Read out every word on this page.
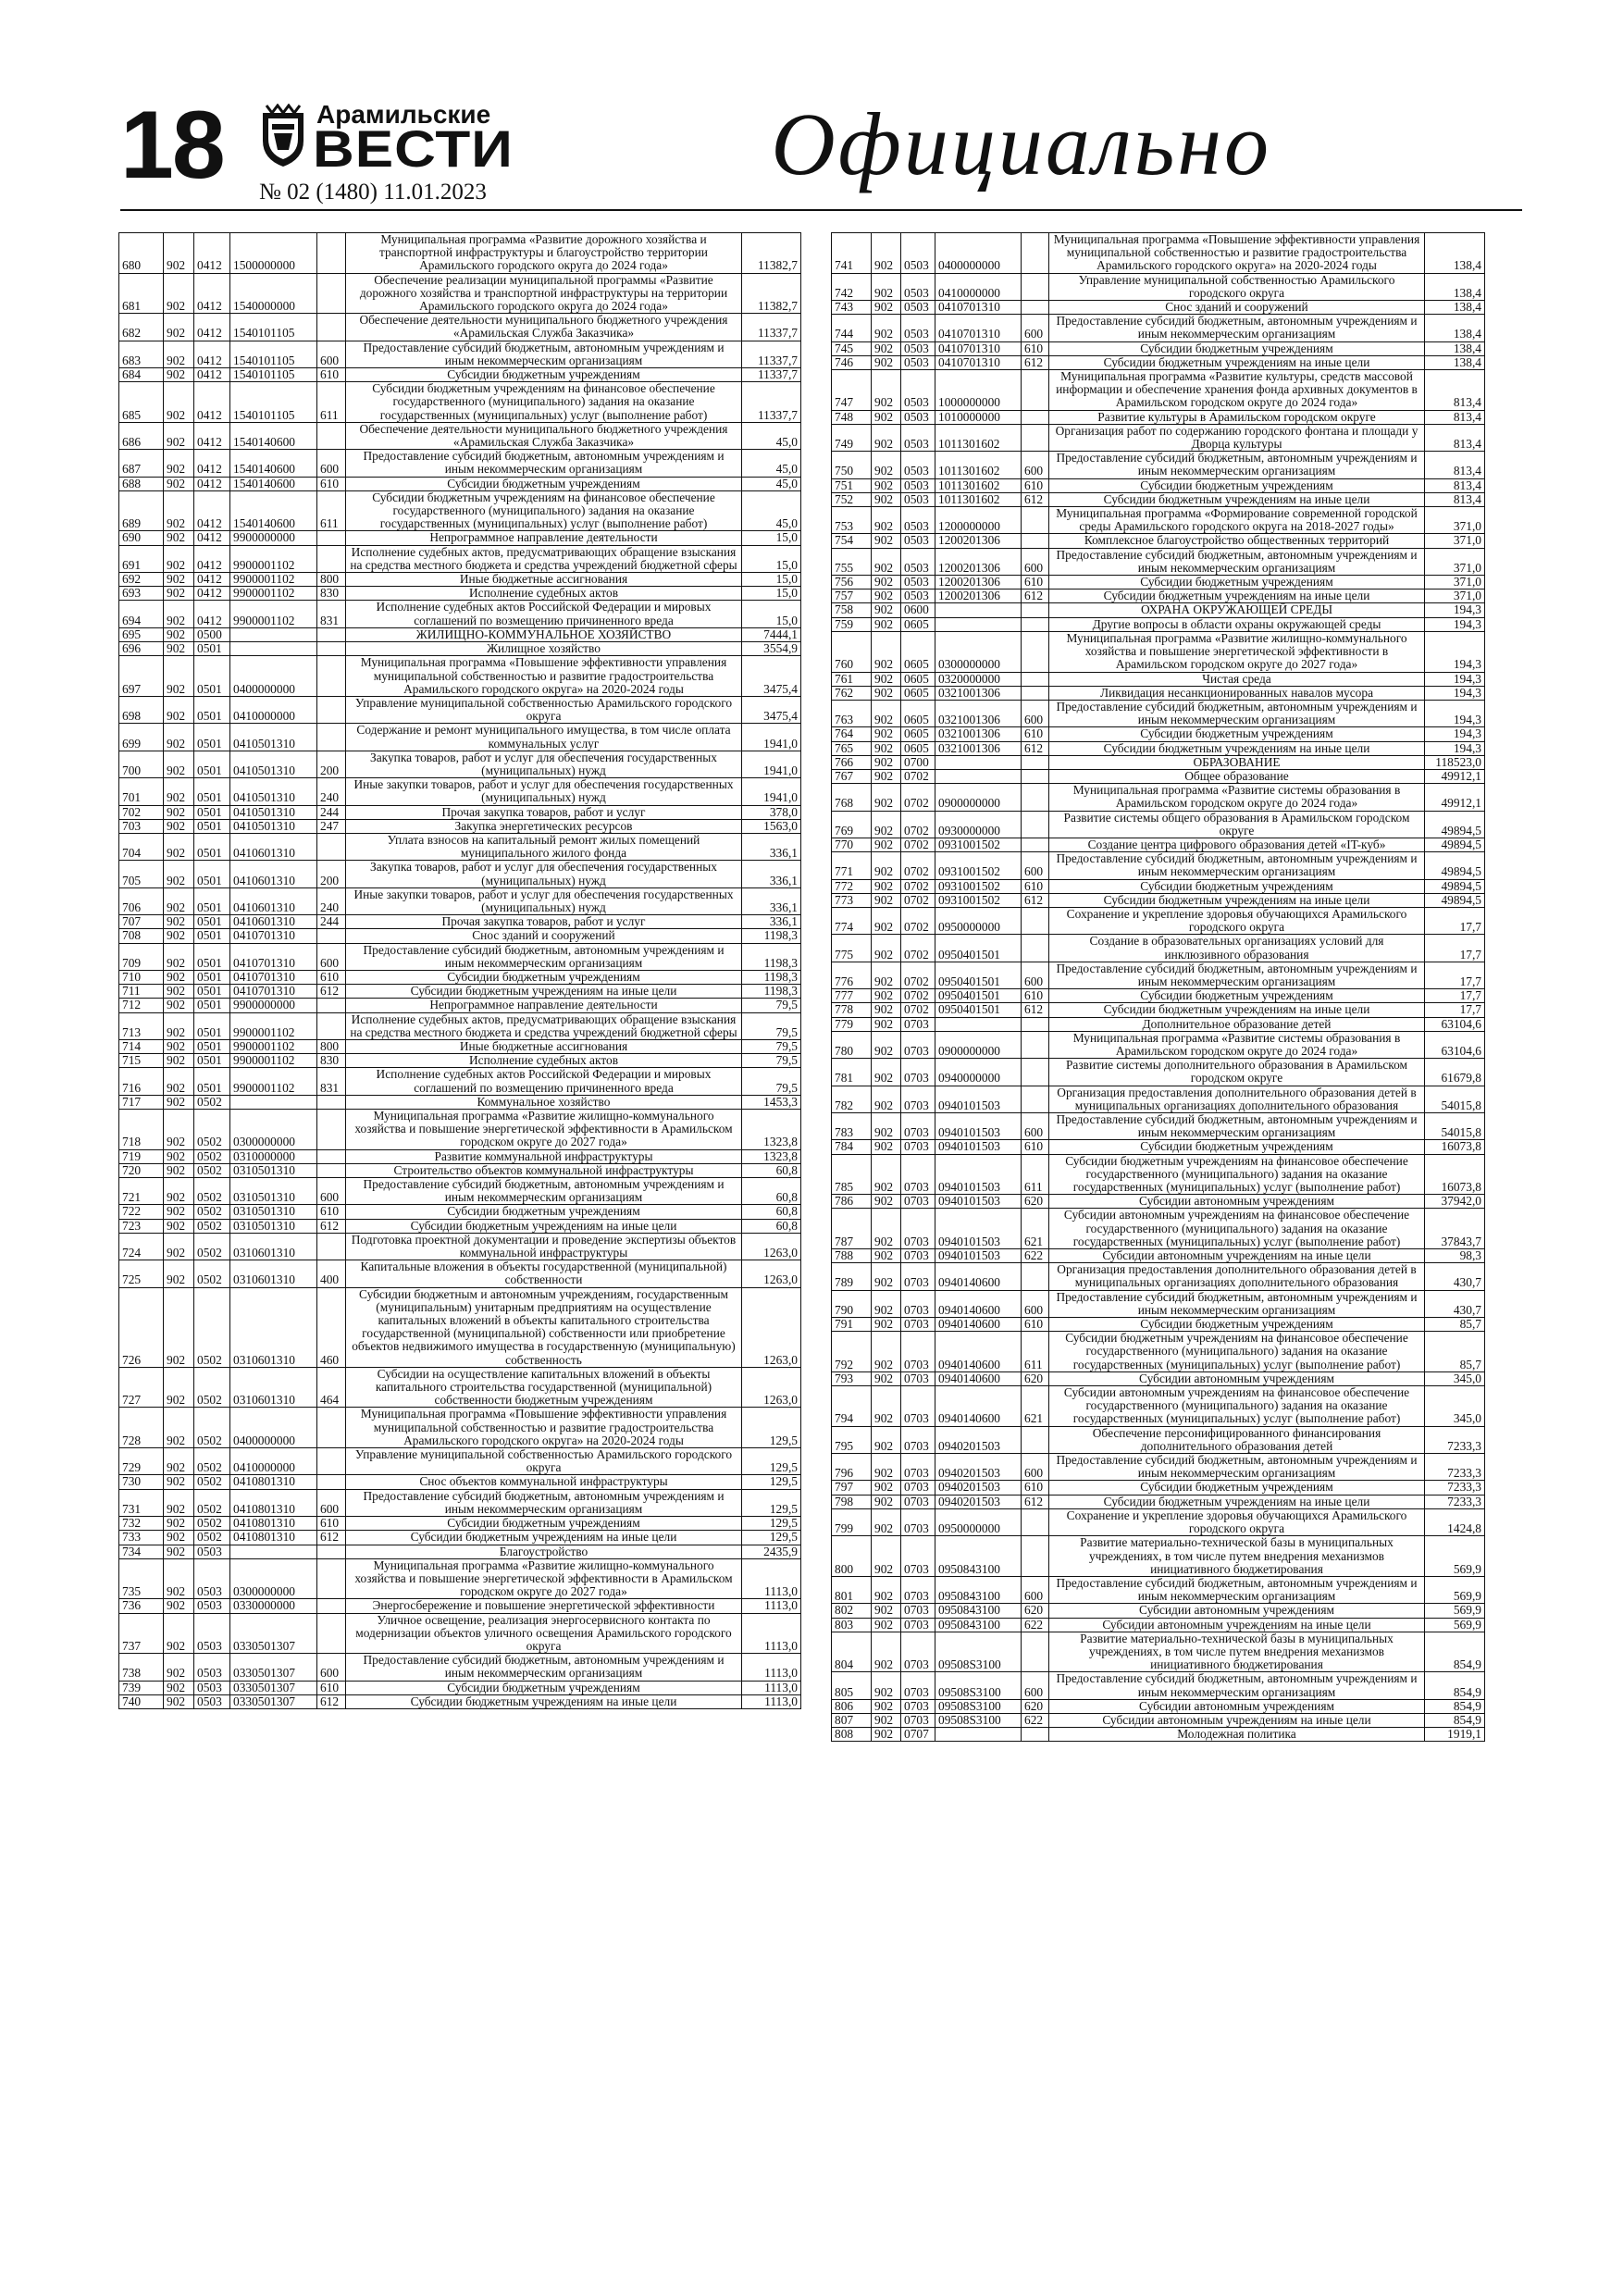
18	Арамильские
ВЕСТИ
№ 02 (1480) 11.01.2023	Официально
680	902	0412	1500000000		Муниципальная программа «Развитие дорожного хозяйства и транспортной инфраструктуры и благоустройство территории Арамильского городского округа до 2024 года»	11382,7
681	902	0412	1540000000		Обеспечение реализации муниципальной программы «Развитие дорожного хозяйства и транспортной инфраструктуры на территории Арамильского городского округа до 2024 года»	11382,7
682	902	0412	1540101105		Обеспечение деятельности муниципального бюджетного учреждения «Арамильская Служба Заказчика»	11337,7
683	902	0412	1540101105	600	Предоставление субсидий бюджетным, автономным учреждениям и иным некоммерческим организациям	11337,7
684	902	0412	1540101105	610	Субсидии бюджетным учреждениям	11337,7
685	902	0412	1540101105	611	Субсидии бюджетным учреждениям на финансовое обеспечение государственного (муниципального) задания на оказание государственных (муниципальных) услуг (выполнение работ)	11337,7
686	902	0412	1540140600		Обеспечение деятельности муниципального бюджетного учреждения «Арамильская Служба Заказчика»	45,0
687	902	0412	1540140600	600	Предоставление субсидий бюджетным, автономным учреждениям и иным некоммерческим организациям	45,0
688	902	0412	1540140600	610	Субсидии бюджетным учреждениям	45,0
689	902	0412	1540140600	611	Субсидии бюджетным учреждениям на финансовое обеспечение государственного (муниципального) задания на оказание государственных (муниципальных) услуг (выполнение работ)	45,0
690	902	0412	9900000000		Непрограммное направление деятельности	15,0
691	902	0412	9900001102		Исполнение судебных актов, предусматривающих обращение взыскания на средства местного бюджета и средства учреждений бюджетной сферы	15,0
692	902	0412	9900001102	800	Иные бюджетные ассигнования	15,0
693	902	0412	9900001102	830	Исполнение судебных актов	15,0
694	902	0412	9900001102	831	Исполнение судебных актов Российской Федерации и мировых соглашений по возмещению причиненного вреда	15,0
695	902	0500			ЖИЛИЩНО-КОММУНАЛЬНОЕ ХОЗЯЙСТВО	7444,1
696	902	0501			Жилищное хозяйство	3554,9
697	902	0501	0400000000		Муниципальная программа «Повышение эффективности управления муниципальной собственностью и развитие градостроительства Арамильского городского округа» на 2020-2024 годы	3475,4
698	902	0501	0410000000		Управление муниципальной собственностью Арамильского городского округа	3475,4
699	902	0501	0410501310		Содержание и ремонт муниципального имущества, в том числе оплата коммунальных услуг	1941,0
700	902	0501	0410501310	200	Закупка товаров, работ и услуг для обеспечения государственных (муниципальных) нужд	1941,0
701	902	0501	0410501310	240	Иные закупки товаров, работ и услуг для обеспечения государственных (муниципальных) нужд	1941,0
702	902	0501	0410501310	244	Прочая закупка товаров, работ и услуг	378,0
703	902	0501	0410501310	247	Закупка энергетических ресурсов	1563,0
704	902	0501	0410601310		Уплата взносов на капитальный ремонт жилых помещений муниципального жилого фонда	336,1
705	902	0501	0410601310	200	Закупка товаров, работ и услуг для обеспечения государственных (муниципальных) нужд	336,1
706	902	0501	0410601310	240	Иные закупки товаров, работ и услуг для обеспечения государственных (муниципальных) нужд	336,1
707	902	0501	0410601310	244	Прочая закупка товаров, работ и услуг	336,1
708	902	0501	0410701310		Снос зданий и сооружений	1198,3
709	902	0501	0410701310	600	Предоставление субсидий бюджетным, автономным учреждениям и иным некоммерческим организациям	1198,3
710	902	0501	0410701310	610	Субсидии бюджетным учреждениям	1198,3
711	902	0501	0410701310	612	Субсидии бюджетным учреждениям на иные цели	1198,3
712	902	0501	9900000000		Непрограммное направление деятельности	79,5
713	902	0501	9900001102		Исполнение судебных актов, предусматривающих обращение взыскания на средства местного бюджета и средства учреждений бюджетной сферы	79,5
714	902	0501	9900001102	800	Иные бюджетные ассигнования	79,5
715	902	0501	9900001102	830	Исполнение судебных актов	79,5
716	902	0501	9900001102	831	Исполнение судебных актов Российской Федерации и мировых соглашений по возмещению причиненного вреда	79,5
717	902	0502			Коммунальное хозяйство	1453,3
718	902	0502	0300000000		Муниципальная программа «Развитие жилищно-коммунального хозяйства и повышение энергетической эффективности в Арамильском городском округе до 2027 года»	1323,8
719	902	0502	0310000000		Развитие коммунальной инфраструктуры	1323,8
720	902	0502	0310501310		Строительство объектов коммунальной инфраструктуры	60,8
721	902	0502	0310501310	600	Предоставление субсидий бюджетным, автономным учреждениям и иным некоммерческим организациям	60,8
722	902	0502	0310501310	610	Субсидии бюджетным учреждениям	60,8
723	902	0502	0310501310	612	Субсидии бюджетным учреждениям на иные цели	60,8
724	902	0502	0310601310		Подготовка проектной документации и проведение экспертизы объектов коммунальной инфраструктуры	1263,0
725	902	0502	0310601310	400	Капитальные вложения в объекты государственной (муниципальной) собственности	1263,0
726	902	0502	0310601310	460	Субсидии бюджетным и автономным учреждениям, государственным (муниципальным) унитарным предприятиям на осуществление капитальных вложений в объекты капитального строительства государственной (муниципальной) собственности или приобретение объектов недвижимого имущества в государственную (муниципальную) собственность	1263,0
727	902	0502	0310601310	464	Субсидии на осуществление капитальных вложений в объекты капитального строительства государственной (муниципальной) собственности бюджетным учреждениям	1263,0
728	902	0502	0400000000		Муниципальная программа «Повышение эффективности управления муниципальной собственностью и развитие градостроительства Арамильского городского округа» на 2020-2024 годы	129,5
729	902	0502	0410000000		Управление муниципальной собственностью Арамильского городского округа	129,5
730	902	0502	0410801310		Снос объектов коммунальной инфраструктуры	129,5
731	902	0502	0410801310	600	Предоставление субсидий бюджетным, автономным учреждениям и иным некоммерческим организациям	129,5
732	902	0502	0410801310	610	Субсидии бюджетным учреждениям	129,5
733	902	0502	0410801310	612	Субсидии бюджетным учреждениям на иные цели	129,5
734	902	0503			Благоустройство	2435,9
735	902	0503	0300000000		Муниципальная программа «Развитие жилищно-коммунального хозяйства и повышение энергетической эффективности в Арамильском городском округе до 2027 года»	1113,0
736	902	0503	0330000000		Энергосбережение и повышение энергетической эффективности	1113,0
737	902	0503	0330501307		Уличное освещение, реализация энергосервисного контакта по модернизации объектов уличного освещения Арамильского городского округа	1113,0
738	902	0503	0330501307	600	Предоставление субсидий бюджетным, автономным учреждениям и иным некоммерческим организациям	1113,0
739	902	0503	0330501307	610	Субсидии бюджетным учреждениям	1113,0
740	902	0503	0330501307	612	Субсидии бюджетным учреждениям на иные цели	1113,0
741	902	0503	0400000000		Муниципальная программа «Повышение эффективности управления муниципальной собственностью и развитие градостроительства Арамильского городского округа» на 2020-2024 годы	138,4
742	902	0503	0410000000		Управление муниципальной собственностью Арамильского городского округа	138,4
743	902	0503	0410701310		Снос зданий и сооружений	138,4
744	902	0503	0410701310	600	Предоставление субсидий бюджетным, автономным учреждениям и иным некоммерческим организациям	138,4
745	902	0503	0410701310	610	Субсидии бюджетным учреждениям	138,4
746	902	0503	0410701310	612	Субсидии бюджетным учреждениям на иные цели	138,4
747	902	0503	1000000000		Муниципальная программа «Развитие культуры, средств массовой информации и обеспечение хранения фонда архивных документов в Арамильском городском округе до 2024 года»	813,4
748	902	0503	1010000000		Развитие культуры в Арамильском городском округе	813,4
749	902	0503	1011301602		Организация работ по содержанию городского фонтана и площади у Дворца культуры	813,4
750	902	0503	1011301602	600	Предоставление субсидий бюджетным, автономным учреждениям и иным некоммерческим организациям	813,4
751	902	0503	1011301602	610	Субсидии бюджетным учреждениям	813,4
752	902	0503	1011301602	612	Субсидии бюджетным учреждениям на иные цели	813,4
753	902	0503	1200000000		Муниципальная программа «Формирование современной городской среды Арамильского городского округа на 2018-2027 годы»	371,0
754	902	0503	1200201306		Комплексное благоустройство общественных территорий	371,0
755	902	0503	1200201306	600	Предоставление субсидий бюджетным, автономным учреждениям и иным некоммерческим организациям	371,0
756	902	0503	1200201306	610	Субсидии бюджетным учреждениям	371,0
757	902	0503	1200201306	612	Субсидии бюджетным учреждениям на иные цели	371,0
758	902	0600			ОХРАНА ОКРУЖАЮЩЕЙ СРЕДЫ	194,3
759	902	0605			Другие вопросы в области охраны окружающей среды	194,3
760	902	0605	0300000000		Муниципальная программа «Развитие жилищно-коммунального хозяйства и повышение энергетической эффективности в Арамильском городском округе до 2027 года»	194,3
761	902	0605	0320000000		Чистая среда	194,3
762	902	0605	0321001306		Ликвидация несанкционированных навалов мусора	194,3
763	902	0605	0321001306	600	Предоставление субсидий бюджетным, автономным учреждениям и иным некоммерческим организациям	194,3
764	902	0605	0321001306	610	Субсидии бюджетным учреждениям	194,3
765	902	0605	0321001306	612	Субсидии бюджетным учреждениям на иные цели	194,3
766	902	0700			ОБРАЗОВАНИЕ	118523,0
767	902	0702			Общее образование	49912,1
768	902	0702	0900000000		Муниципальная программа «Развитие системы образования в Арамильском городском округе до 2024 года»	49912,1
769	902	0702	0930000000		Развитие системы общего образования в Арамильском городском округе	49894,5
770	902	0702	0931001502		Создание центра цифрового образования детей «IT-куб»	49894,5
771	902	0702	0931001502	600	Предоставление субсидий бюджетным, автономным учреждениям и иным некоммерческим организациям	49894,5
772	902	0702	0931001502	610	Субсидии бюджетным учреждениям	49894,5
773	902	0702	0931001502	612	Субсидии бюджетным учреждениям на иные цели	49894,5
774	902	0702	0950000000		Сохранение и укрепление здоровья обучающихся Арамильского городского округа	17,7
775	902	0702	0950401501		Создание в образовательных организациях условий для инклюзивного образования	17,7
776	902	0702	0950401501	600	Предоставление субсидий бюджетным, автономным учреждениям и иным некоммерческим организациям	17,7
777	902	0702	0950401501	610	Субсидии бюджетным учреждениям	17,7
778	902	0702	0950401501	612	Субсидии бюджетным учреждениям на иные цели	17,7
779	902	0703			Дополнительное образование детей	63104,6
780	902	0703	0900000000		Муниципальная программа «Развитие системы образования в Арамильском городском округе до 2024 года»	63104,6
781	902	0703	0940000000		Развитие системы дополнительного образования в Арамильском городском округе	61679,8
782	902	0703	0940101503		Организация предоставления дополнительного образования детей в муниципальных организациях дополнительного образования	54015,8
783	902	0703	0940101503	600	Предоставление субсидий бюджетным, автономным учреждениям и иным некоммерческим организациям	54015,8
784	902	0703	0940101503	610	Субсидии бюджетным учреждениям	16073,8
785	902	0703	0940101503	611	Субсидии бюджетным учреждениям на финансовое обеспечение государственного (муниципального) задания на оказание государственных (муниципальных) услуг (выполнение работ)	16073,8
786	902	0703	0940101503	620	Субсидии автономным учреждениям	37942,0
787	902	0703	0940101503	621	Субсидии автономным учреждениям на финансовое обеспечение государственного (муниципального) задания на оказание государственных (муниципальных) услуг (выполнение работ)	37843,7
788	902	0703	0940101503	622	Субсидии автономным учреждениям на иные цели	98,3
789	902	0703	0940140600		Организация предоставления дополнительного образования детей в муниципальных организациях дополнительного образования	430,7
790	902	0703	0940140600	600	Предоставление субсидий бюджетным, автономным учреждениям и иным некоммерческим организациям	430,7
791	902	0703	0940140600	610	Субсидии бюджетным учреждениям	85,7
792	902	0703	0940140600	611	Субсидии бюджетным учреждениям на финансовое обеспечение государственного (муниципального) задания на оказание государственных (муниципальных) услуг (выполнение работ)	85,7
793	902	0703	0940140600	620	Субсидии автономным учреждениям	345,0
794	902	0703	0940140600	621	Субсидии автономным учреждениям на финансовое обеспечение государственного (муниципального) задания на оказание государственных (муниципальных) услуг (выполнение работ)	345,0
795	902	0703	0940201503		Обеспечение персонифицированного финансирования дополнительного образования детей	7233,3
796	902	0703	0940201503	600	Предоставление субсидий бюджетным, автономным учреждениям и иным некоммерческим организациям	7233,3
797	902	0703	0940201503	610	Субсидии бюджетным учреждениям	7233,3
798	902	0703	0940201503	612	Субсидии бюджетным учреждениям на иные цели	7233,3
799	902	0703	0950000000		Сохранение и укрепление здоровья обучающихся Арамильского городского округа	1424,8
800	902	0703	0950843100		Развитие материально-технической базы в муниципальных учреждениях, в том числе путем внедрения механизмов инициативного бюджетирования	569,9
801	902	0703	0950843100	600	Предоставление субсидий бюджетным, автономным учреждениям и иным некоммерческим организациям	569,9
802	902	0703	0950843100	620	Субсидии автономным учреждениям	569,9
803	902	0703	0950843100	622	Субсидии автономным учреждениям на иные цели	569,9
804	902	0703	09508S3100		Развитие материально-технической базы в муниципальных учреждениях, в том числе путем внедрения механизмов инициативного бюджетирования	854,9
805	902	0703	09508S3100	600	Предоставление субсидий бюджетным, автономным учреждениям и иным некоммерческим организациям	854,9
806	902	0703	09508S3100	620	Субсидии автономным учреждениям	854,9
807	902	0703	09508S3100	622	Субсидии автономным учреждениям на иные цели	854,9
808	902	0707			Молодежная политика	1919,1
